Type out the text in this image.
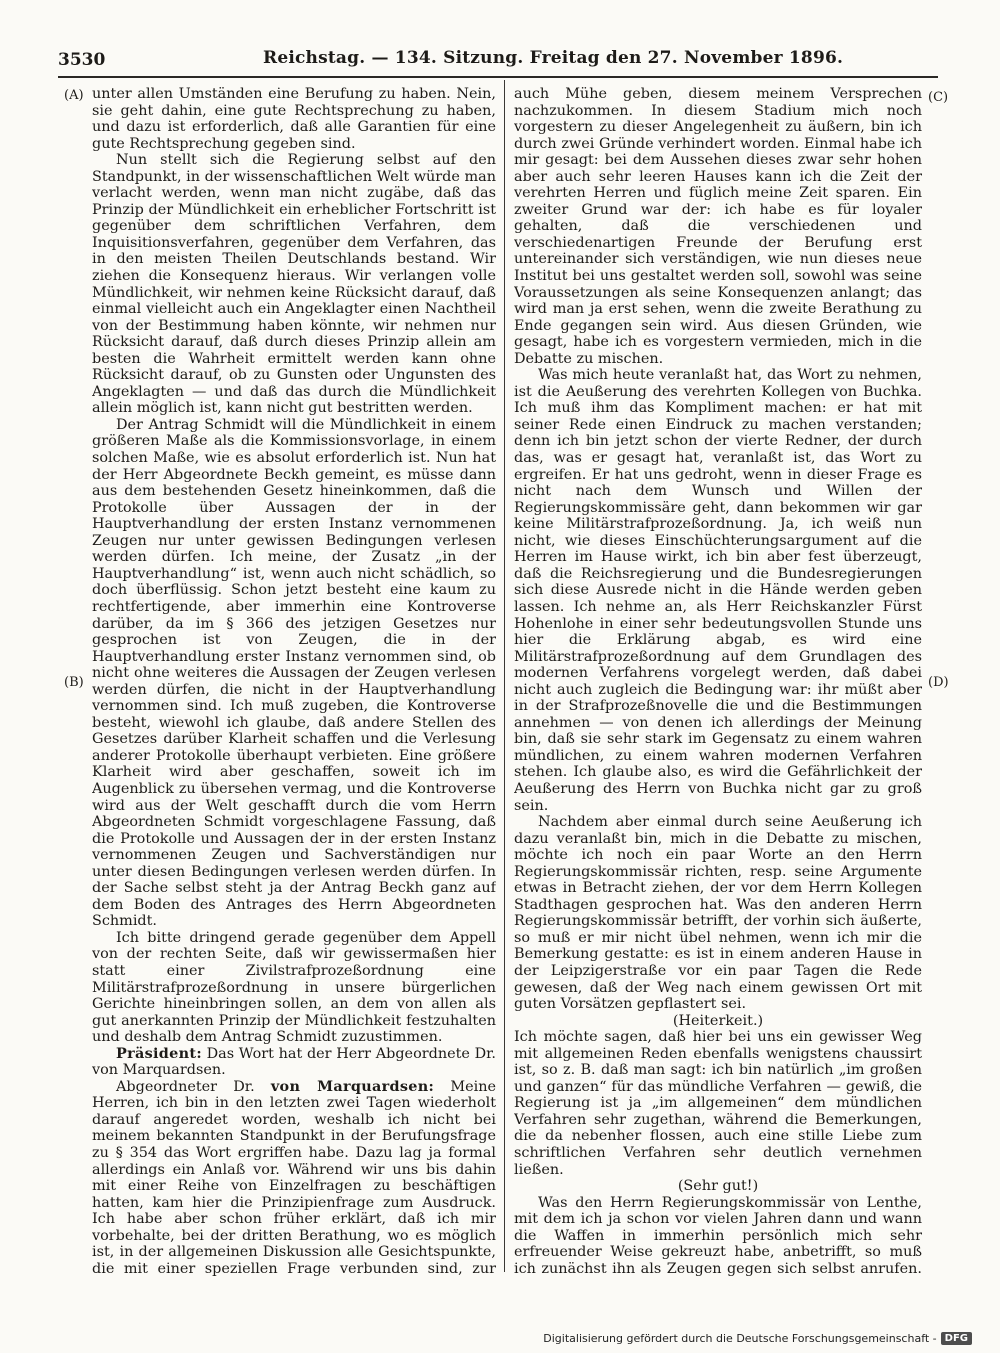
3530	Reichstag. — 134. Sitzung. Freitag den 27. November 1896.
(A)
(B)
(C)
(D)

unter allen Umständen eine Berufung zu haben. Nein, sie geht dahin, eine gute Rechtsprechung zu haben, und dazu ist erforderlich, daß alle Garantien für eine gute Rechtsprechung gegeben sind.

Nun stellt sich die Regierung selbst auf den Standpunkt, in der wissenschaftlichen Welt würde man verlacht werden, wenn man nicht zugäbe, daß das Prinzip der Mündlichkeit ein erheblicher Fortschritt ist gegenüber dem schriftlichen Verfahren, dem Inquisitionsverfahren, gegenüber dem Verfahren, das in den meisten Theilen Deutschlands bestand. Wir ziehen die Konsequenz hieraus. Wir verlangen volle Mündlichkeit, wir nehmen keine Rücksicht darauf, daß einmal vielleicht auch ein Angeklagter einen Nachtheil von der Bestimmung haben könnte, wir nehmen nur Rücksicht darauf, daß durch dieses Prinzip allein am besten die Wahrheit ermittelt werden kann ohne Rücksicht darauf, ob zu Gunsten oder Ungunsten des Angeklagten — und daß das durch die Mündlichkeit allein möglich ist, kann nicht gut bestritten werden.

Der Antrag Schmidt will die Mündlichkeit in einem größeren Maße als die Kommissionsvorlage, in einem solchen Maße, wie es absolut erforderlich ist. Nun hat der Herr Abgeordnete Beckh gemeint, es müsse dann aus dem bestehenden Gesetz hineinkommen, daß die Protokolle über Aussagen der in der Hauptverhandlung der ersten Instanz vernommenen Zeugen nur unter gewissen Bedingungen verlesen werden dürfen. Ich meine, der Zusatz „in der Hauptverhandlung“ ist, wenn auch nicht schädlich, so doch überflüssig. Schon jetzt besteht eine kaum zu rechtfertigende, aber immerhin eine Kontroverse darüber, da im § 366 des jetzigen Gesetzes nur gesprochen ist von Zeugen, die in der Hauptverhandlung erster Instanz vernommen sind, ob nicht ohne weiteres die Aussagen der Zeugen verlesen werden dürfen, die nicht in der Hauptverhandlung vernommen sind. Ich muß zugeben, die Kontroverse besteht, wiewohl ich glaube, daß andere Stellen des Gesetzes darüber Klarheit schaffen und die Verlesung anderer Protokolle überhaupt verbieten. Eine größere Klarheit wird aber geschaffen, soweit ich im Augenblick zu übersehen vermag, und die Kontroverse wird aus der Welt geschafft durch die vom Herrn Abgeordneten Schmidt vorgeschlagene Fassung, daß die Protokolle und Aussagen der in der ersten Instanz vernommenen Zeugen und Sachverständigen nur unter diesen Bedingungen verlesen werden dürfen. In der Sache selbst steht ja der Antrag Beckh ganz auf dem Boden des Antrages des Herrn Abgeordneten Schmidt.

Ich bitte dringend gerade gegenüber dem Appell von der rechten Seite, daß wir gewissermaßen hier statt einer Zivilstrafprozeßordnung eine Militärstrafprozeßordnung in unsere bürgerlichen Gerichte hineinbringen sollen, an dem von allen als gut anerkannten Prinzip der Mündlichkeit festzuhalten und deshalb dem Antrag Schmidt zuzustimmen.

Präsident: Das Wort hat der Herr Abgeordnete Dr. von Marquardsen.

Abgeordneter Dr. von Marquardsen: Meine Herren, ich bin in den letzten zwei Tagen wiederholt darauf angeredet worden, weshalb ich nicht bei meinem bekannten Standpunkt in der Berufungsfrage zu § 354 das Wort ergriffen habe. Dazu lag ja formal allerdings ein Anlaß vor. Während wir uns bis dahin mit einer Reihe von Einzelfragen zu beschäftigen hatten, kam hier die Prinzipienfrage zum Ausdruck. Ich habe aber schon früher erklärt, daß ich mir vorbehalte, bei der dritten Berathung, wo es möglich ist, in der allgemeinen Diskussion alle Gesichtspunkte, die mit einer speziellen Frage verbunden sind, zur

auch Mühe geben, diesem meinem Versprechen nachzukommen. In diesem Stadium mich noch vorgestern zu dieser Angelegenheit zu äußern, bin ich durch zwei Gründe verhindert worden. Einmal habe ich mir gesagt: bei dem Aussehen dieses zwar sehr hohen aber auch sehr leeren Hauses kann ich die Zeit der verehrten Herren und füglich meine Zeit sparen. Ein zweiter Grund war der: ich habe es für loyaler gehalten, daß die verschiedenen und verschiedenartigen Freunde der Berufung erst untereinander sich verständigen, wie nun dieses neue Institut bei uns gestaltet werden soll, sowohl was seine Voraussetzungen als seine Konsequenzen anlangt; das wird man ja erst sehen, wenn die zweite Berathung zu Ende gegangen sein wird. Aus diesen Gründen, wie gesagt, habe ich es vorgestern vermieden, mich in die Debatte zu mischen.

Was mich heute veranlaßt hat, das Wort zu nehmen, ist die Aeußerung des verehrten Kollegen von Buchka. Ich muß ihm das Kompliment machen: er hat mit seiner Rede einen Eindruck zu machen verstanden; denn ich bin jetzt schon der vierte Redner, der durch das, was er gesagt hat, veranlaßt ist, das Wort zu ergreifen. Er hat uns gedroht, wenn in dieser Frage es nicht nach dem Wunsch und Willen der Regierungskommissäre geht, dann bekommen wir gar keine Militärstrafprozeßordnung. Ja, ich weiß nun nicht, wie dieses Einschüchterungsargument auf die Herren im Hause wirkt, ich bin aber fest überzeugt, daß die Reichsregierung und die Bundesregierungen sich diese Ausrede nicht in die Hände werden geben lassen. Ich nehme an, als Herr Reichskanzler Fürst Hohenlohe in einer sehr bedeutungsvollen Stunde uns hier die Erklärung abgab, es wird eine Militärstrafprozeßordnung auf dem Grundlagen des modernen Verfahrens vorgelegt werden, daß dabei nicht auch zugleich die Bedingung war: ihr müßt aber in der Strafprozeßnovelle die und die Bestimmungen annehmen — von denen ich allerdings der Meinung bin, daß sie sehr stark im Gegensatz zu einem wahren mündlichen, zu einem wahren modernen Verfahren stehen. Ich glaube also, es wird die Gefährlichkeit der Aeußerung des Herrn von Buchka nicht gar zu groß sein.

Nachdem aber einmal durch seine Aeußerung ich dazu veranlaßt bin, mich in die Debatte zu mischen, möchte ich noch ein paar Worte an den Herrn Regierungskommissär richten, resp. seine Argumente etwas in Betracht ziehen, der vor dem Herrn Kollegen Stadthagen gesprochen hat. Was den anderen Herrn Regierungskommissär betrifft, der vorhin sich äußerte, so muß er mir nicht übel nehmen, wenn ich mir die Bemerkung gestatte: es ist in einem anderen Hause in der Leipzigerstraße vor ein paar Tagen die Rede gewesen, daß der Weg nach einem gewissen Ort mit guten Vorsätzen gepflastert sei.

(Heiterkeit.)

Ich möchte sagen, daß hier bei uns ein gewisser Weg mit allgemeinen Reden ebenfalls wenigstens chaussirt ist, so z. B. daß man sagt: ich bin natürlich „im großen und ganzen“ für das mündliche Verfahren — gewiß, die Regierung ist ja „im allgemeinen“ dem mündlichen Verfahren sehr zugethan, während die Bemerkungen, die da nebenher flossen, auch eine stille Liebe zum schriftlichen Verfahren sehr deutlich vernehmen ließen.

(Sehr gut!)

Was den Herrn Regierungskommissär von Lenthe, mit dem ich ja schon vor vielen Jahren dann und wann die Waffen in immerhin persönlich mich sehr erfreuender Weise gekreuzt habe, anbetrifft, so muß ich zunächst ihn als Zeugen gegen sich selbst anrufen.

Digitalisierung gefördert durch die Deutsche Forschungsgemeinschaft - DFG
